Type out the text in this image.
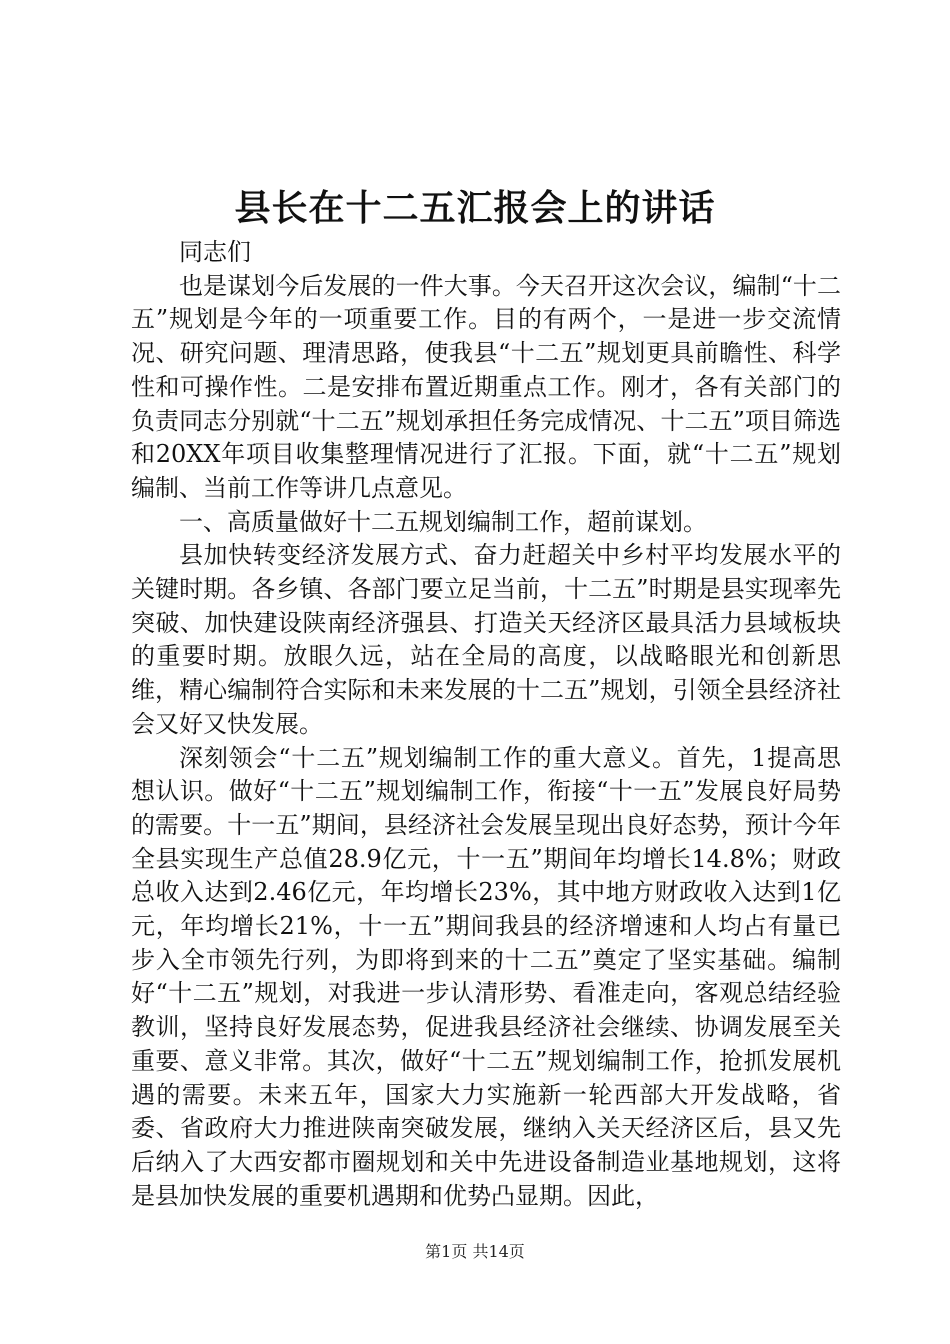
县长在十二五汇报会上的讲话

同志们

也是谋划今后发展的一件大事。今天召开这次会议，编制“十二五”规划是今年的一项重要工作。目的有两个，一是进一步交流情况、研究问题、理清思路，使我县“十二五”规划更具前瞻性、科学性和可操作性。二是安排布置近期重点工作。刚才，各有关部门的负责同志分别就“十二五”规划承担任务完成情况、十二五”项目筛选和20XX年项目收集整理情况进行了汇报。下面，就“十二五”规划编制、当前工作等讲几点意见。

一、高质量做好十二五规划编制工作，超前谋划。

县加快转变经济发展方式、奋力赶超关中乡村平均发展水平的关键时期。各乡镇、各部门要立足当前，十二五”时期是县实现率先突破、加快建设陕南经济强县、打造关天经济区最具活力县域板块的重要时期。放眼久远，站在全局的高度，以战略眼光和创新思维，精心编制符合实际和未来发展的十二五”规划，引领全县经济社会又好又快发展。

深刻领会“十二五”规划编制工作的重大意义。首先，1提高思想认识。做好“十二五”规划编制工作，衔接“十一五”发展良好局势的需要。十一五”期间，县经济社会发展呈现出良好态势，预计今年全县实现生产总值28.9亿元，十一五”期间年均增长14.8%；财政总收入达到2.46亿元，年均增长23%，其中地方财政收入达到1亿元，年均增长21%，十一五”期间我县的经济增速和人均占有量已步入全市领先行列，为即将到来的十二五”奠定了坚实基础。编制好“十二五”规划，对我进一步认清形势、看准走向，客观总结经验教训，坚持良好发展态势，促进我县经济社会继续、协调发展至关重要、意义非常。其次，做好“十二五”规划编制工作，抢抓发展机遇的需要。未来五年，国家大力实施新一轮西部大开发战略，省委、省政府大力推进陕南突破发展，继纳入关天经济区后，县又先后纳入了大西安都市圈规划和关中先进设备制造业基地规划，这将是县加快发展的重要机遇期和优势凸显期。因此，

第1页 共14页
